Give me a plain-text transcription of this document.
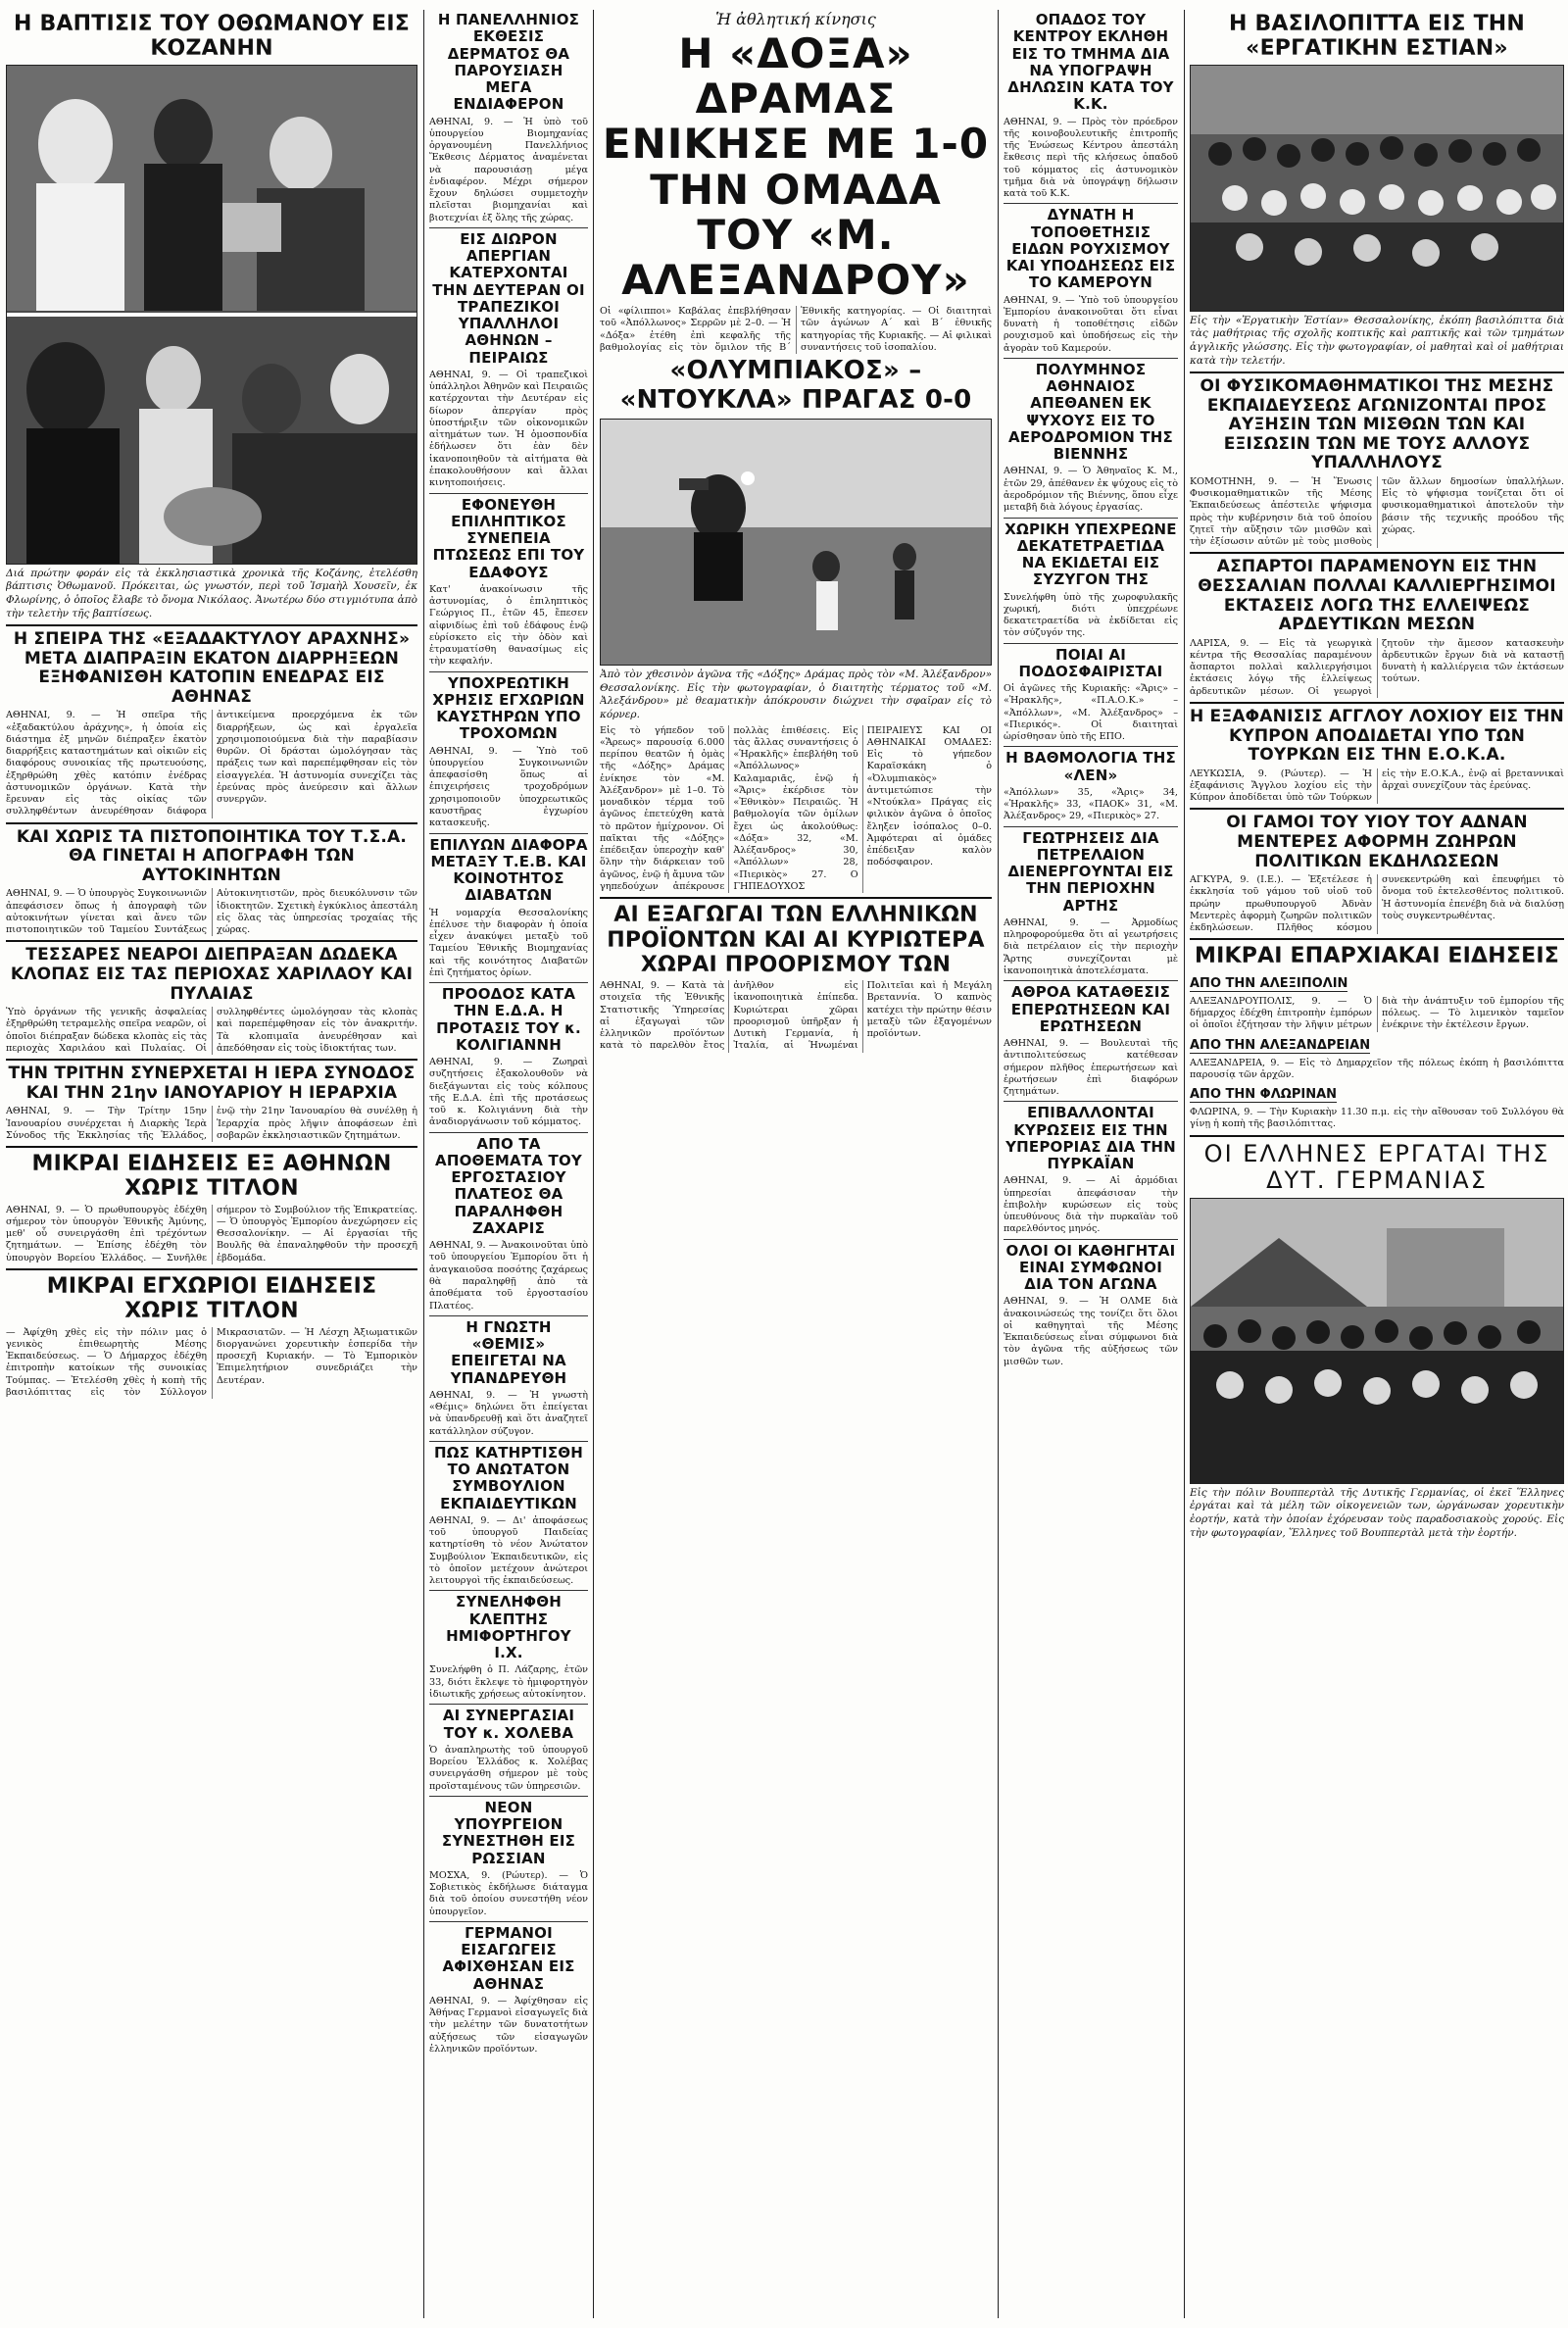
Η ΒΑΠΤΙΣΙΣ ΤΟΥ ΟΘΩΜΑΝΟΥ ΕΙΣ ΚΟΖΑΝΗΝ
Διά πρώτην φοράν εἰς τὰ ἐκκλησιαστικὰ χρονικὰ τῆς Κοζάνης, ἐτελέσθη βάπτισις Ὀθωμανοῦ. Πρόκειται, ὡς γνωστόν, περὶ τοῦ Ἰσμαὴλ Χουσεῖν, ἐκ Φλωρίνης, ὁ ὁποῖος ἔλαβε τὸ ὄνομα Νικόλαος. Ἀνωτέρω δύο στιγμιότυπα ἀπὸ τὴν τελετὴν τῆς βαπτίσεως.
Η ΣΠΕΙΡΑ ΤΗΣ «ΕΞΑΔΑΚΤΥΛΟΥ ΑΡΑΧΝΗΣ» ΜΕΤΑ ΔΙΑΠΡΑΞΙΝ ΕΚΑΤΟΝ ΔΙΑΡΡΗΞΕΩΝ ΕΞΗΦΑΝΙΣΘΗ ΚΑΤΟΠΙΝ ΕΝΕΔΡΑΣ ΕΙΣ ΑΘΗΝΑΣ
ΑΘΗΝΑΙ, 9. — Ἡ σπεῖρα τῆς «ἑξαδακτύλου ἀράχνης», ἡ ὁποία εἰς διάστημα ἐξ μηνῶν διέπραξεν ἑκατὸν διαρρήξεις καταστημάτων καὶ οἰκιῶν εἰς διαφόρους συνοικίας τῆς πρωτευούσης, ἐξηρθρώθη χθὲς κατόπιν ἐνέδρας ἀστυνομικῶν ὀργάνων. Κατὰ τὴν ἔρευναν εἰς τὰς οἰκίας τῶν συλληφθέντων ἀνευρέθησαν διάφορα ἀντικείμενα προερχόμενα ἐκ τῶν διαρρήξεων, ὡς καὶ ἐργαλεῖα χρησιμοποιούμενα διὰ τὴν παραβίασιν θυρῶν. Οἱ δράσται ὡμολόγησαν τὰς πράξεις των καὶ παρεπέμφθησαν εἰς τὸν εἰσαγγελέα. Ἡ ἀστυνομία συνεχίζει τὰς ἐρεύνας πρὸς ἀνεύρεσιν καὶ ἄλλων συνεργῶν.
ΚΑΙ ΧΩΡΙΣ ΤΑ ΠΙΣΤΟΠΟΙΗΤΙΚΑ ΤΟΥ Τ.Σ.Α. ΘΑ ΓΙΝΕΤΑΙ Η ΑΠΟΓΡΑΦΗ ΤΩΝ ΑΥΤΟΚΙΝΗΤΩΝ
ΑΘΗΝΑΙ, 9. — Ὁ ὑπουργὸς Συγκοινωνιῶν ἀπεφάσισεν ὅπως ἡ ἀπογραφὴ τῶν αὐτοκινήτων γίνεται καὶ ἄνευ τῶν πιστοποιητικῶν τοῦ Ταμείου Συντάξεως Αὐτοκινητιστῶν, πρὸς διευκόλυνσιν τῶν ἰδιοκτητῶν. Σχετικὴ ἐγκύκλιος ἀπεστάλη εἰς ὅλας τὰς ὑπηρεσίας τροχαίας τῆς χώρας.
ΤΕΣΣΑΡΕΣ ΝΕΑΡΟΙ ΔΙΕΠΡΑΞΑΝ ΔΩΔΕΚΑ ΚΛΟΠΑΣ ΕΙΣ ΤΑΣ ΠΕΡΙΟΧΑΣ ΧΑΡΙΛΑΟΥ ΚΑΙ ΠΥΛΑΙΑΣ
Ὑπὸ ὀργάνων τῆς γενικῆς ἀσφαλείας ἐξηρθρώθη τετραμελὴς σπεῖρα νεαρῶν, οἱ ὁποῖοι διέπραξαν δώδεκα κλοπὰς εἰς τὰς περιοχὰς Χαριλάου καὶ Πυλαίας. Οἱ συλληφθέντες ὡμολόγησαν τὰς κλοπὰς καὶ παρεπέμφθησαν εἰς τὸν ἀνακριτήν. Τὰ κλοπιμαῖα ἀνευρέθησαν καὶ ἀπεδόθησαν εἰς τοὺς ἰδιοκτήτας των.
ΤΗΝ ΤΡΙΤΗΝ ΣΥΝΕΡΧΕΤΑΙ Η ΙΕΡΑ ΣΥΝΟΔΟΣ ΚΑΙ ΤΗΝ 21ην ΙΑΝΟΥΑΡΙΟΥ Η ΙΕΡΑΡΧΙΑ
ΑΘΗΝΑΙ, 9. — Τὴν Τρίτην 15ην Ἰανουαρίου συνέρχεται ἡ Διαρκὴς Ἱερὰ Σύνοδος τῆς Ἐκκλησίας τῆς Ἑλλάδος, ἐνῷ τὴν 21ην Ἰανουαρίου θὰ συνέλθῃ ἡ Ἱεραρχία πρὸς λῆψιν ἀποφάσεων ἐπὶ σοβαρῶν ἐκκλησιαστικῶν ζητημάτων.
ΜΙΚΡΑΙ ΕΙΔΗΣΕΙΣ ΕΞ ΑΘΗΝΩΝ ΧΩΡΙΣ ΤΙΤΛΟΝ
ΑΘΗΝΑΙ, 9. — Ὁ πρωθυπουργὸς ἐδέχθη σήμερον τὸν ὑπουργὸν Ἐθνικῆς Ἀμύνης, μεθ' οὗ συνειργάσθη ἐπὶ τρέχόντων ζητημάτων. — Ἐπίσης ἐδέχθη τὸν ὑπουργὸν Βορείου Ἑλλάδος. — Συνῆλθε σήμερον τὸ Συμβούλιον τῆς Ἐπικρατείας. — Ὁ ὑπουργὸς Ἐμπορίου ἀνεχώρησεν εἰς Θεσσαλονίκην. — Αἱ ἐργασίαι τῆς Βουλῆς θὰ ἐπαναληφθοῦν τὴν προσεχῆ ἑβδομάδα.
ΜΙΚΡΑΙ ΕΓΧΩΡΙΟΙ ΕΙΔΗΣΕΙΣ ΧΩΡΙΣ ΤΙΤΛΟΝ
— Ἀφίχθη χθὲς εἰς τὴν πόλιν μας ὁ γενικὸς ἐπιθεωρητὴς Μέσης Ἐκπαιδεύσεως. — Ὁ Δήμαρχος ἐδέχθη ἐπιτροπὴν κατοίκων τῆς συνοικίας Τούμπας. — Ἐτελέσθη χθὲς ἡ κοπὴ τῆς βασιλόπιττας εἰς τὸν Σύλλογον Μικρασιατῶν. — Ἡ Λέσχη Ἀξιωματικῶν διοργανώνει χορευτικὴν ἑσπερίδα τὴν προσεχῆ Κυριακήν. — Τὸ Ἐμπορικὸν Ἐπιμελητήριον συνεδριάζει τὴν Δευτέραν.
Η ΠΑΝΕΛΛΗΝΙΟΣ ΕΚΘΕΣΙΣ ΔΕΡΜΑΤΟΣ ΘΑ ΠΑΡΟΥΣΙΑΣΗ ΜΕΓΑ ΕΝΔΙΑΦΕΡΟΝ
ΑΘΗΝΑΙ, 9. — Ἡ ὑπὸ τοῦ ὑπουργείου Βιομηχανίας ὀργανουμένη Πανελλήνιος Ἔκθεσις Δέρματος ἀναμένεται νὰ παρουσιάσῃ μέγα ἐνδιαφέρον. Μέχρι σήμερον ἔχουν δηλώσει συμμετοχὴν πλεῖσται βιομηχανίαι καὶ βιοτεχνίαι ἐξ ὅλης τῆς χώρας.
ΕΙΣ ΔΙΩΡΟΝ ΑΠΕΡΓΙΑΝ ΚΑΤΕΡΧΟΝΤΑΙ ΤΗΝ ΔΕΥΤΕΡΑΝ ΟΙ ΤΡΑΠΕΖΙΚΟΙ ΥΠΑΛΛΗΛΟΙ ΑΘΗΝΩΝ – ΠΕΙΡΑΙΩΣ
ΑΘΗΝΑΙ, 9. — Οἱ τραπεζικοὶ ὑπάλληλοι Ἀθηνῶν καὶ Πειραιῶς κατέρχονται τὴν Δευτέραν εἰς δίωρον ἀπεργίαν πρὸς ὑποστήριξιν τῶν οἰκονομικῶν αἰτημάτων των. Ἡ ὁμοσπονδία ἐδήλωσεν ὅτι ἐὰν δὲν ἱκανοποιηθοῦν τὰ αἰτήματα θὰ ἐπακολουθήσουν καὶ ἄλλαι κινητοποιήσεις.
ΕΦΟΝΕΥΘΗ ΕΠΙΛΗΠΤΙΚΟΣ ΣΥΝΕΠΕΙΑ ΠΤΩΣΕΩΣ ΕΠΙ ΤΟΥ ΕΔΑΦΟΥΣ
Κατ' ἀνακοίνωσιν τῆς ἀστυνομίας, ὁ ἐπιληπτικὸς Γεώργιος Π., ἐτῶν 45, ἔπεσεν αἰφνιδίως ἐπὶ τοῦ ἐδάφους ἐνῷ εὑρίσκετο εἰς τὴν ὁδὸν καὶ ἐτραυματίσθη θανασίμως εἰς τὴν κεφαλήν.
ΥΠΟΧΡΕΩΤΙΚΗ ΧΡΗΣΙΣ ΕΓΧΩΡΙΩΝ ΚΑΥΣΤΗΡΩΝ ΥΠΟ ΤΡΟΧΟΜΩΝ
ΑΘΗΝΑΙ, 9. — Ὑπὸ τοῦ ὑπουργείου Συγκοινωνιῶν ἀπεφασίσθη ὅπως αἱ ἐπιχειρήσεις τροχοδρόμων χρησιμοποιοῦν ὑποχρεωτικῶς καυστῆρας ἐγχωρίου κατασκευῆς.
ΕΠΙΛΥΩΝ ΔΙΑΦΟΡΑ ΜΕΤΑΞΥ Τ.Ε.Β. ΚΑΙ ΚΟΙΝΟΤΗΤΟΣ ΔΙΑΒΑΤΩΝ
Ἡ νομαρχία Θεσσαλονίκης ἐπέλυσε τὴν διαφορὰν ἡ ὁποία εἶχεν ἀνακύψει μεταξὺ τοῦ Ταμείου Ἐθνικῆς Βιομηχανίας καὶ τῆς κοινότητος Διαβατῶν ἐπὶ ζητήματος ὁρίων.
ΠΡΟΟΔΟΣ ΚΑΤΑ ΤΗΝ Ε.Δ.Α. Η ΠΡΟΤΑΣΙΣ ΤΟΥ κ. ΚΟΛΙΓΙΑΝΝΗ
ΑΘΗΝΑΙ, 9. — Ζωηραὶ συζητήσεις ἐξακολουθοῦν νὰ διεξάγωνται εἰς τοὺς κόλπους τῆς Ε.Δ.Α. ἐπὶ τῆς προτάσεως τοῦ κ. Κολιγιάννη διὰ τὴν ἀναδιοργάνωσιν τοῦ κόμματος.
ΑΠΟ ΤΑ ΑΠΟΘΕΜΑΤΑ ΤΟΥ ΕΡΓΟΣΤΑΣΙΟΥ ΠΛΑΤΕΟΣ ΘΑ ΠΑΡΑΛΗΦΘΗ ΖΑΧΑΡΙΣ
ΑΘΗΝΑΙ, 9. — Ἀνακοινοῦται ὑπὸ τοῦ ὑπουργείου Ἐμπορίου ὅτι ἡ ἀναγκαιοῦσα ποσότης ζαχάρεως θὰ παραληφθῇ ἀπὸ τὰ ἀποθέματα τοῦ ἐργοστασίου Πλατέος.
Η ΓΝΩΣΤΗ «ΘΕΜΙΣ» ΕΠΕΙΓΕΤΑΙ ΝΑ ΥΠΑΝΔΡΕΥΘΗ
ΑΘΗΝΑΙ, 9. — Ἡ γνωστὴ «Θέμις» δηλώνει ὅτι ἐπείγεται νὰ ὑπανδρευθῇ καὶ ὅτι ἀναζητεῖ κατάλληλον σύζυγον.
ΠΩΣ ΚΑΤΗΡΤΙΣΘΗ ΤΟ ΑΝΩΤΑΤΟΝ ΣΥΜΒΟΥΛΙΟΝ ΕΚΠΑΙΔΕΥΤΙΚΩΝ
ΑΘΗΝΑΙ, 9. — Δι' ἀποφάσεως τοῦ ὑπουργοῦ Παιδείας κατηρτίσθη τὸ νέον Ἀνώτατον Συμβούλιον Ἐκπαιδευτικῶν, εἰς τὸ ὁποῖον μετέχουν ἀνώτεροι λειτουργοὶ τῆς ἐκπαιδεύσεως.
ΣΥΝΕΛΗΦΘΗ ΚΛΕΠΤΗΣ ΗΜΙΦΟΡΤΗΓΟΥ Ι.Χ.
Συνελήφθη ὁ Π. Λάζαρης, ἐτῶν 33, διότι ἔκλεψε τὸ ἡμιφορτηγὸν ἰδιωτικῆς χρήσεως αὐτοκίνητον.
ΑΙ ΣΥΝΕΡΓΑΣΙΑΙ ΤΟΥ κ. ΧΟΛΕΒΑ
Ὁ ἀναπληρωτὴς τοῦ ὑπουργοῦ Βορείου Ἑλλάδος κ. Χολέβας συνειργάσθη σήμερον μὲ τοὺς προϊσταμένους τῶν ὑπηρεσιῶν.
ΝΕΟΝ ΥΠΟΥΡΓΕΙΟΝ ΣΥΝΕΣΤΗΘΗ ΕΙΣ ΡΩΣΣΙΑΝ
ΜΟΣΧΑ, 9. (Ρώυτερ). — Ὁ Σοβιετικὸς ἐκδήλωσε διάταγμα διὰ τοῦ ὁποίου συνεστήθη νέον ὑπουργεῖον.
ΓΕΡΜΑΝΟΙ ΕΙΣΑΓΩΓΕΙΣ ΑΦΙΧΘΗΣΑΝ ΕΙΣ ΑΘΗΝΑΣ
ΑΘΗΝΑΙ, 9. — Ἀφίχθησαν εἰς Ἀθήνας Γερμανοὶ εἰσαγωγεῖς διὰ τὴν μελέτην τῶν δυνατοτήτων αὐξήσεως τῶν εἰσαγωγῶν ἑλληνικῶν προϊόντων.
Ἡ ἀθλητική κίνησις
Η «ΔΟΞΑ» ΔΡΑΜΑΣ ΕΝΙΚΗΣΕ ΜΕ 1-0 ΤΗΝ ΟΜΑΔΑ ΤΟΥ «Μ. ΑΛΕΞΑΝΔΡΟΥ»
Οἱ «φίλιπποι» Καβάλας ἐπεβλήθησαν τοῦ «Ἀπόλλωνος» Σερρῶν μὲ 2–0. — Ἡ «Δόξα» ἐτέθη ἐπὶ κεφαλῆς τῆς βαθμολογίας εἰς τὸν ὅμιλον τῆς Β΄ Ἐθνικῆς κατηγορίας. — Οἱ διαιτηταὶ τῶν ἀγώνων Α΄ καὶ Β΄ ἐθνικῆς κατηγορίας τῆς Κυριακῆς. — Αἱ φιλικαὶ συναντήσεις τοῦ ἰσοπαλίου.
«ΟΛΥΜΠΙΑΚΟΣ» – «ΝΤΟΥΚΛΑ» ΠΡΑΓΑΣ 0-0
Ἀπὸ τὸν χθεσινὸν ἀγῶνα τῆς «Δόξης» Δράμας πρὸς τὸν «Μ. Ἀλέξανδρον» Θεσσαλονίκης. Εἰς τὴν φωτογραφίαν, ὁ διαιτητὴς τέρματος τοῦ «Μ. Ἀλεξάνδρου» μὲ θεαματικὴν ἀπόκρουσιν διώχνει τὴν σφαῖραν εἰς τὸ κόρνερ.
Εἰς τὸ γήπεδον τοῦ «Ἄρεως» παρουσίᾳ 6.000 περίπου θεατῶν ἡ ὁμὰς τῆς «Δόξης» Δράμας ἐνίκησε τὸν «Μ. Ἀλέξανδρον» μὲ 1–0. Τὸ μοναδικὸν τέρμα τοῦ ἀγῶνος ἐπετεύχθη κατὰ τὸ πρῶτον ἡμίχρονον. Οἱ παῖκται τῆς «Δόξης» ἐπέδειξαν ὑπεροχὴν καθ' ὅλην τὴν διάρκειαν τοῦ ἀγῶνος, ἐνῷ ἡ ἄμυνα τῶν γηπεδούχων ἀπέκρουσε πολλὰς ἐπιθέσεις. Εἰς τὰς ἄλλας συναντήσεις ὁ «Ἡρακλῆς» ἐπεβλήθη τοῦ «Ἀπόλλωνος» Καλαμαριᾶς, ἐνῷ ἡ «Ἄρις» ἐκέρδισε τὸν «Ἐθνικὸν» Πειραιῶς. Ἡ βαθμολογία τῶν ὁμίλων ἔχει ὡς ἀκολούθως: «Δόξα» 32, «Μ. Ἀλέξανδρος» 30, «Ἀπόλλων» 28, «Πιερικὸς» 27. Ο ΓΗΠΕΔΟΥΧΟΣ ΠΕΙΡΑΙΕΥΣ ΚΑΙ ΟΙ ΑΘΗΝΑΙΚΑΙ ΟΜΑΔΕΣ: Εἰς τὸ γήπεδον Καραϊσκάκη ὁ «Ὀλυμπιακὸς» ἀντιμετώπισε τὴν «Ντούκλα» Πράγας εἰς φιλικὸν ἀγῶνα ὁ ὁποῖος ἔληξεν ἰσόπαλος 0–0. Ἀμφότεραι αἱ ὁμάδες ἐπέδειξαν καλὸν ποδόσφαιρον.
ΑΙ ΕΞΑΓΩΓΑΙ ΤΩΝ ΕΛΛΗΝΙΚΩΝ ΠΡΟΪΟΝΤΩΝ ΚΑΙ ΑΙ ΚΥΡΙΩΤΕΡΑ ΧΩΡΑΙ ΠΡΟΟΡΙΣΜΟΥ ΤΩΝ
ΑΘΗΝΑΙ, 9. — Κατὰ τὰ στοιχεῖα τῆς Ἐθνικῆς Στατιστικῆς Ὑπηρεσίας αἱ ἐξαγωγαὶ τῶν ἑλληνικῶν προϊόντων κατὰ τὸ παρελθὸν ἔτος ἀνῆλθον εἰς ἱκανοποιητικὰ ἐπίπεδα. Κυριώτεραι χῶραι προορισμοῦ ὑπῆρξαν ἡ Δυτικὴ Γερμανία, ἡ Ἰταλία, αἱ Ἡνωμέναι Πολιτεῖαι καὶ ἡ Μεγάλη Βρεταννία. Ὁ καπνὸς κατέχει τὴν πρώτην θέσιν μεταξὺ τῶν ἐξαγομένων προϊόντων.
ΟΠΑΔΟΣ ΤΟΥ ΚΕΝΤΡΟΥ ΕΚΛΗΘΗ ΕΙΣ ΤΟ ΤΜΗΜΑ ΔΙΑ ΝΑ ΥΠΟΓΡΑΨΗ ΔΗΛΩΣΙΝ ΚΑΤΑ ΤΟΥ Κ.Κ.
ΑΘΗΝΑΙ, 9. — Πρὸς τὸν πρόεδρον τῆς κοινοβουλευτικῆς ἐπιτροπῆς τῆς Ἑνώσεως Κέντρου ἀπεστάλη ἔκθεσις περὶ τῆς κλήσεως ὀπαδοῦ τοῦ κόμματος εἰς ἀστυνομικὸν τμῆμα διὰ νὰ ὑπογράψῃ δήλωσιν κατὰ τοῦ Κ.Κ.
ΔΥΝΑΤΗ Η ΤΟΠΟΘΕΤΗΣΙΣ ΕΙΔΩΝ ΡΟΥΧΙΣΜΟΥ ΚΑΙ ΥΠΟΔΗΣΕΩΣ ΕΙΣ ΤΟ ΚΑΜΕΡΟΥΝ
ΑΘΗΝΑΙ, 9. — Ὑπὸ τοῦ ὑπουργείου Ἐμπορίου ἀνακοινοῦται ὅτι εἶναι δυνατὴ ἡ τοποθέτησις εἰδῶν ρουχισμοῦ καὶ ὑποδήσεως εἰς τὴν ἀγορὰν τοῦ Καμερούν.
ΠΟΛΥΜΗΝΟΣ ΑΘΗΝΑΙΟΣ ΑΠΕΘΑΝΕΝ ΕΚ ΨΥΧΟΥΣ ΕΙΣ ΤΟ ΑΕΡΟΔΡΟΜΙΟΝ ΤΗΣ ΒΙΕΝΝΗΣ
ΑΘΗΝΑΙ, 9. — Ὁ Ἀθηναῖος Κ. Μ., ἐτῶν 29, ἀπέθανεν ἐκ ψύχους εἰς τὸ ἀεροδρόμιον τῆς Βιέννης, ὅπου εἶχε μεταβῆ διὰ λόγους ἐργασίας.
ΧΩΡΙΚΗ ΥΠΕΧΡΕΩΝΕ ΔΕΚΑΤΕΤΡΑΕΤΙΔΑ ΝΑ ΕΚΙΔΕΤΑΙ ΕΙΣ ΣΥΖΥΓΟΝ ΤΗΣ
Συνελήφθη ὑπὸ τῆς χωροφυλακῆς χωρική, διότι ὑπεχρέωνε δεκατετραετίδα νὰ ἐκδίδεται εἰς τὸν σύζυγόν της.
ΠΟΙΑΙ ΑΙ ΠΟΔΟΣΦΑΙΡΙΣΤΑΙ
Οἱ ἀγῶνες τῆς Κυριακῆς: «Ἄρις» – «Ἡρακλῆς», «Π.Α.Ο.Κ.» – «Ἀπόλλων», «Μ. Ἀλέξανδρος» – «Πιερικός». Οἱ διαιτηταὶ ὡρίσθησαν ὑπὸ τῆς ΕΠΟ.
Η ΒΑΘΜΟΛΟΓΙΑ ΤΗΣ «ΛΕΝ»
«Ἀπόλλων» 35, «Ἄρις» 34, «Ἡρακλῆς» 33, «ΠΑΟΚ» 31, «Μ. Ἀλέξανδρος» 29, «Πιερικὸς» 27.
ΓΕΩΤΡΗΣΕΙΣ ΔΙΑ ΠΕΤΡΕΛΑΙΟΝ ΔΙΕΝΕΡΓΟΥΝΤΑΙ ΕΙΣ ΤΗΝ ΠΕΡΙΟΧΗΝ ΑΡΤΗΣ
ΑΘΗΝΑΙ, 9. — Ἀρμοδίως πληροφορούμεθα ὅτι αἱ γεωτρήσεις διὰ πετρέλαιον εἰς τὴν περιοχὴν Ἄρτης συνεχίζονται μὲ ἱκανοποιητικὰ ἀποτελέσματα.
ΑΘΡΟΑ ΚΑΤΑΘΕΣΙΣ ΕΠΕΡΩΤΗΣΕΩΝ ΚΑΙ ΕΡΩΤΗΣΕΩΝ
ΑΘΗΝΑΙ, 9. — Βουλευταὶ τῆς ἀντιπολιτεύσεως κατέθεσαν σήμερον πλῆθος ἐπερωτήσεων καὶ ἐρωτήσεων ἐπὶ διαφόρων ζητημάτων.
ΕΠΙΒΑΛΛΟΝΤΑΙ ΚΥΡΩΣΕΙΣ ΕΙΣ ΤΗΝ ΥΠΕΡΟΡΙΑΣ ΔΙΑ ΤΗΝ ΠΥΡΚΑΪΑΝ
ΑΘΗΝΑΙ, 9. — Αἱ ἁρμόδιαι ὑπηρεσίαι ἀπεφάσισαν τὴν ἐπιβολὴν κυρώσεων εἰς τοὺς ὑπευθύνους διὰ τὴν πυρκαϊὰν τοῦ παρελθόντος μηνός.
ΟΛΟΙ ΟΙ ΚΑΘΗΓΗΤΑΙ ΕΙΝΑΙ ΣΥΜΦΩΝΟΙ ΔΙΑ ΤΟΝ ΑΓΩΝΑ
ΑΘΗΝΑΙ, 9. — Ἡ ΟΛΜΕ διὰ ἀνακοινώσεώς της τονίζει ὅτι ὅλοι οἱ καθηγηταὶ τῆς Μέσης Ἐκπαιδεύσεως εἶναι σύμφωνοι διὰ τὸν ἀγῶνα τῆς αὐξήσεως τῶν μισθῶν των.
Η ΒΑΣΙΛΟΠΙΤΤΑ ΕΙΣ ΤΗΝ «ΕΡΓΑΤΙΚΗΝ ΕΣΤΙΑΝ»
Εἰς τὴν «Ἐργατικὴν Ἑστίαν» Θεσσαλονίκης, ἐκόπη βασιλόπιττα διὰ τὰς μαθήτριας τῆς σχολῆς κοπτικῆς καὶ ραπτικῆς καὶ τῶν τμημάτων ἀγγλικῆς γλώσσης. Εἰς τὴν φωτογραφίαν, οἱ μαθηταὶ καὶ οἱ μαθήτριαι κατὰ τὴν τελετήν.
ΟΙ ΦΥΣΙΚΟΜΑΘΗΜΑΤΙΚΟΙ ΤΗΣ ΜΕΣΗΣ ΕΚΠΑΙΔΕΥΣΕΩΣ ΑΓΩΝΙΖΟΝΤΑΙ ΠΡΟΣ ΑΥΞΗΣΙΝ ΤΩΝ ΜΙΣΘΩΝ ΤΩΝ ΚΑΙ ΕΞΙΣΩΣΙΝ ΤΩΝ ΜΕ ΤΟΥΣ ΑΛΛΟΥΣ ΥΠΑΛΛΗΛΟΥΣ
ΚΟΜΟΤΗΝΗ, 9. — Ἡ Ἕνωσις Φυσικομαθηματικῶν τῆς Μέσης Ἐκπαιδεύσεως ἀπέστειλε ψήφισμα πρὸς τὴν κυβέρνησιν διὰ τοῦ ὁποίου ζητεῖ τὴν αὔξησιν τῶν μισθῶν καὶ τὴν ἐξίσωσιν αὐτῶν μὲ τοὺς μισθοὺς τῶν ἄλλων δημοσίων ὑπαλλήλων. Εἰς τὸ ψήφισμα τονίζεται ὅτι οἱ φυσικομαθηματικοὶ ἀποτελοῦν τὴν βάσιν τῆς τεχνικῆς προόδου τῆς χώρας.
ΑΣΠΑΡΤΟΙ ΠΑΡΑΜΕΝΟΥΝ ΕΙΣ ΤΗΝ ΘΕΣΣΑΛΙΑΝ ΠΟΛΛΑΙ ΚΑΛΛΙΕΡΓΗΣΙΜΟΙ ΕΚΤΑΣΕΙΣ ΛΟΓΩ ΤΗΣ ΕΛΛΕΙΨΕΩΣ ΑΡΔΕΥΤΙΚΩΝ ΜΕΣΩΝ
ΛΑΡΙΣΑ, 9. — Εἰς τὰ γεωργικὰ κέντρα τῆς Θεσσαλίας παραμένουν ἄσπαρτοι πολλαὶ καλλιεργήσιμοι ἐκτάσεις λόγῳ τῆς ἐλλείψεως ἀρδευτικῶν μέσων. Οἱ γεωργοὶ ζητοῦν τὴν ἄμεσον κατασκευὴν ἀρδευτικῶν ἔργων διὰ νὰ καταστῇ δυνατὴ ἡ καλλιέργεια τῶν ἐκτάσεων τούτων.
Η ΕΞΑΦΑΝΙΣΙΣ ΑΓΓΛΟΥ ΛΟΧΙΟΥ ΕΙΣ ΤΗΝ ΚΥΠΡΟΝ ΑΠΟΔΙΔΕΤΑΙ ΥΠΟ ΤΩΝ ΤΟΥΡΚΩΝ ΕΙΣ ΤΗΝ Ε.Ο.Κ.Α.
ΛΕΥΚΩΣΙΑ, 9. (Ρώυτερ). — Ἡ ἐξαφάνισις Ἄγγλου λοχίου εἰς τὴν Κύπρον ἀποδίδεται ὑπὸ τῶν Τούρκων εἰς τὴν Ε.Ο.Κ.Α., ἐνῷ αἱ βρεταννικαὶ ἀρχαὶ συνεχίζουν τὰς ἐρεύνας.
ΟΙ ΓΑΜΟΙ ΤΟΥ ΥΙΟΥ ΤΟΥ ΑΔΝΑΝ ΜΕΝΤΕΡΕΣ ΑΦΟΡΜΗ ΖΩΗΡΩΝ ΠΟΛΙΤΙΚΩΝ ΕΚΔΗΛΩΣΕΩΝ
ΑΓΚΥΡΑ, 9. (Ι.Ε.). — Ἐξετέλεσε ἡ ἐκκλησία τοῦ γάμου τοῦ υἱοῦ τοῦ πρώην πρωθυπουργοῦ Ἀδνὰν Μεντερὲς ἀφορμὴ ζωηρῶν πολιτικῶν ἐκδηλώσεων. Πλῆθος κόσμου συνεκεντρώθη καὶ ἐπευφήμει τὸ ὄνομα τοῦ ἐκτελεσθέντος πολιτικοῦ. Ἡ ἀστυνομία ἐπενέβη διὰ νὰ διαλύσῃ τοὺς συγκεντρωθέντας.
ΜΙΚΡΑΙ ΕΠΑΡΧΙΑΚΑΙ ΕΙΔΗΣΕΙΣ
ΑΠΟ ΤΗΝ ΑΛΕΞΙΠΟΛΙΝ
ΑΛΕΞΑΝΔΡΟΥΠΟΛΙΣ, 9. — Ὁ δήμαρχος ἐδέχθη ἐπιτροπὴν ἐμπόρων οἱ ὁποῖοι ἐζήτησαν τὴν λῆψιν μέτρων διὰ τὴν ἀνάπτυξιν τοῦ ἐμπορίου τῆς πόλεως. — Τὸ λιμενικὸν ταμεῖον ἐνέκρινε τὴν ἐκτέλεσιν ἔργων.
ΑΠΟ ΤΗΝ ΑΛΕΞΑΝΔΡΕΙΑΝ
ΑΛΕΞΑΝΔΡΕΙΑ, 9. — Εἰς τὸ Δημαρχεῖον τῆς πόλεως ἐκόπη ἡ βασιλόπιττα παρουσίᾳ τῶν ἀρχῶν.
ΑΠΟ ΤΗΝ ΦΛΩΡΙΝΑΝ
ΦΛΩΡΙΝΑ, 9. — Τὴν Κυριακὴν 11.30 π.μ. εἰς τὴν αἴθουσαν τοῦ Συλλόγου θὰ γίνῃ ἡ κοπὴ τῆς βασιλόπιττας.
ΟΙ ΕΛΛΗΝΕΣ ΕΡΓΑΤΑΙ ΤΗΣ ΔΥΤ. ΓΕΡΜΑΝΙΑΣ
Εἰς τὴν πόλιν Βουππερτὰλ τῆς Δυτικῆς Γερμανίας, οἱ ἐκεῖ Ἕλληνες ἐργάται καὶ τὰ μέλη τῶν οἰκογενειῶν των, ὠργάνωσαν χορευτικὴν ἑορτήν, κατὰ τὴν ὁποίαν ἐχόρευσαν τοὺς παραδοσιακοὺς χορούς. Εἰς τὴν φωτογραφίαν, Ἕλληνες τοῦ Βουππερτὰλ μετὰ τὴν ἑορτήν.
